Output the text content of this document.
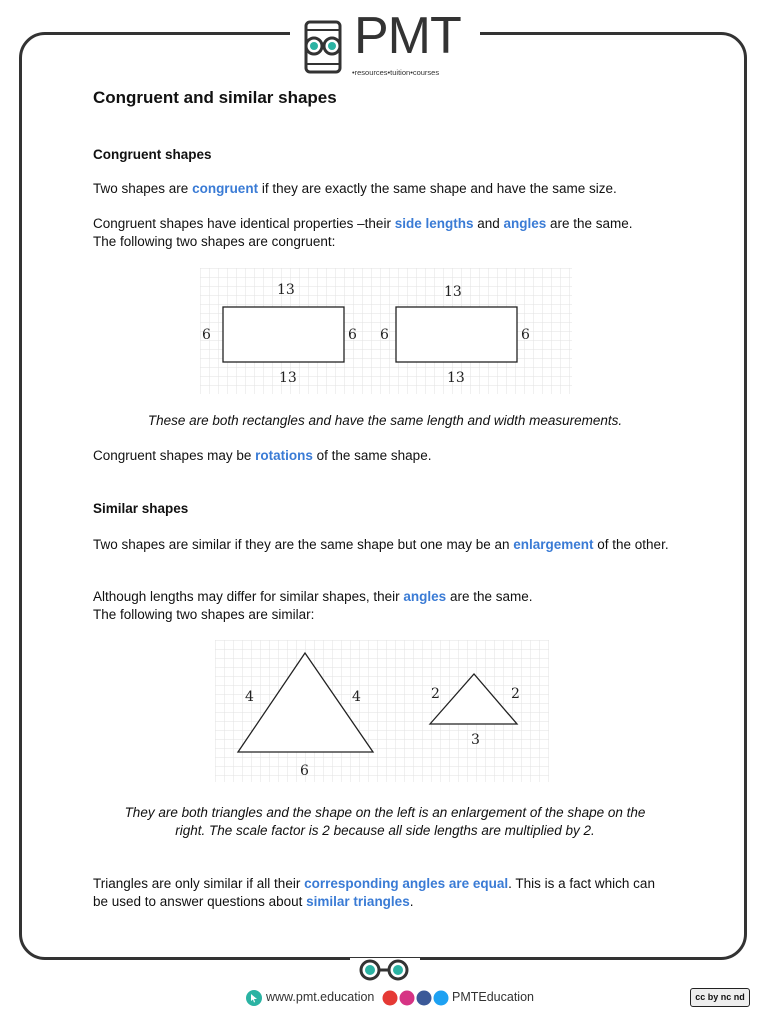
PMT
•resources•tuition•courses
Congruent and similar shapes
Congruent shapes
Two shapes are congruent if they are exactly the same shape and have the same size.
Congruent shapes have identical properties –their side lengths and angles are the same.
The following two shapes are congruent:
13
13
6	6
13
13
6	6
These are both rectangles and have the same length and width measurements.
Congruent shapes may be rotations of the same shape.
Similar shapes
Two shapes are similar if they are the same shape but one may be an enlargement of the other.
Although lengths may differ for similar shapes, their angles are the same.
The following two shapes are similar:
4	4
6
2	2
3
They are both triangles and the shape on the left is an enlargement of the shape on the
right. The scale factor is 2 because all side lengths are multiplied by 2.
Triangles are only similar if all their corresponding angles are equal. This is a fact which can be used to answer questions about similar triangles.
www.pmt.education	PMTEducation	cc by nc nd
